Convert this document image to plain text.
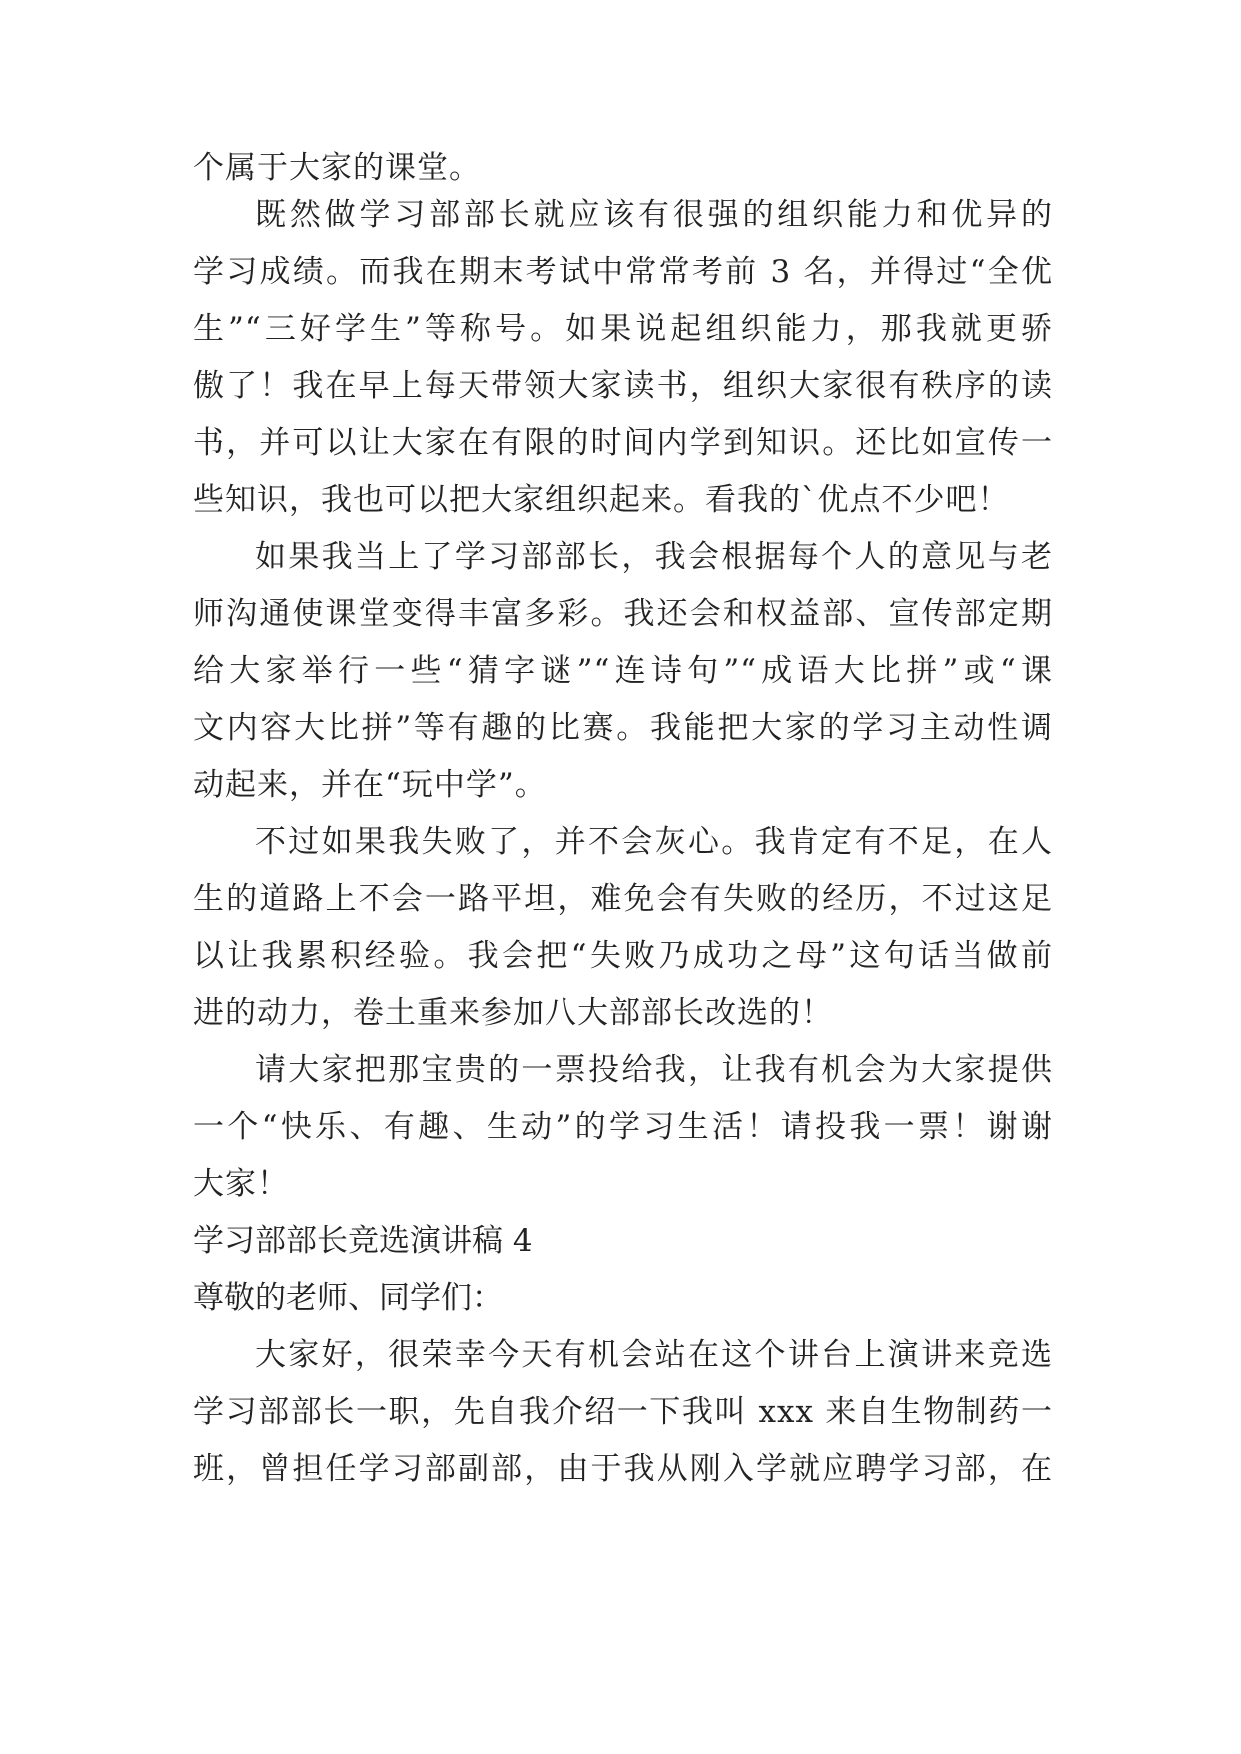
个属于大家的课堂。
既然做学习部部长就应该有很强的组织能力和优异的
学习成绩。而我在期末考试中常常考前 3 名，并得过“全优
生”“三好学生”等称号。如果说起组织能力，那我就更骄
傲了！我在早上每天带领大家读书，组织大家很有秩序的读
书，并可以让大家在有限的时间内学到知识。还比如宣传一
些知识，我也可以把大家组织起来。看我的`优点不少吧！
如果我当上了学习部部长，我会根据每个人的意见与老
师沟通使课堂变得丰富多彩。我还会和权益部、宣传部定期
给大家举行一些“猜字谜”“连诗句”“成语大比拼”或“课
文内容大比拼”等有趣的比赛。我能把大家的学习主动性调
动起来，并在“玩中学”。
不过如果我失败了，并不会灰心。我肯定有不足，在人
生的道路上不会一路平坦，难免会有失败的经历，不过这足
以让我累积经验。我会把“失败乃成功之母”这句话当做前
进的动力，卷土重来参加八大部部长改选的！
请大家把那宝贵的一票投给我，让我有机会为大家提供
一个“快乐、有趣、生动”的学习生活！请投我一票！谢谢
大家！
学习部部长竞选演讲稿 4
尊敬的老师、同学们：
大家好，很荣幸今天有机会站在这个讲台上演讲来竞选
学习部部长一职，先自我介绍一下我叫 xxx 来自生物制药一
班，曾担任学习部副部，由于我从刚入学就应聘学习部，在
